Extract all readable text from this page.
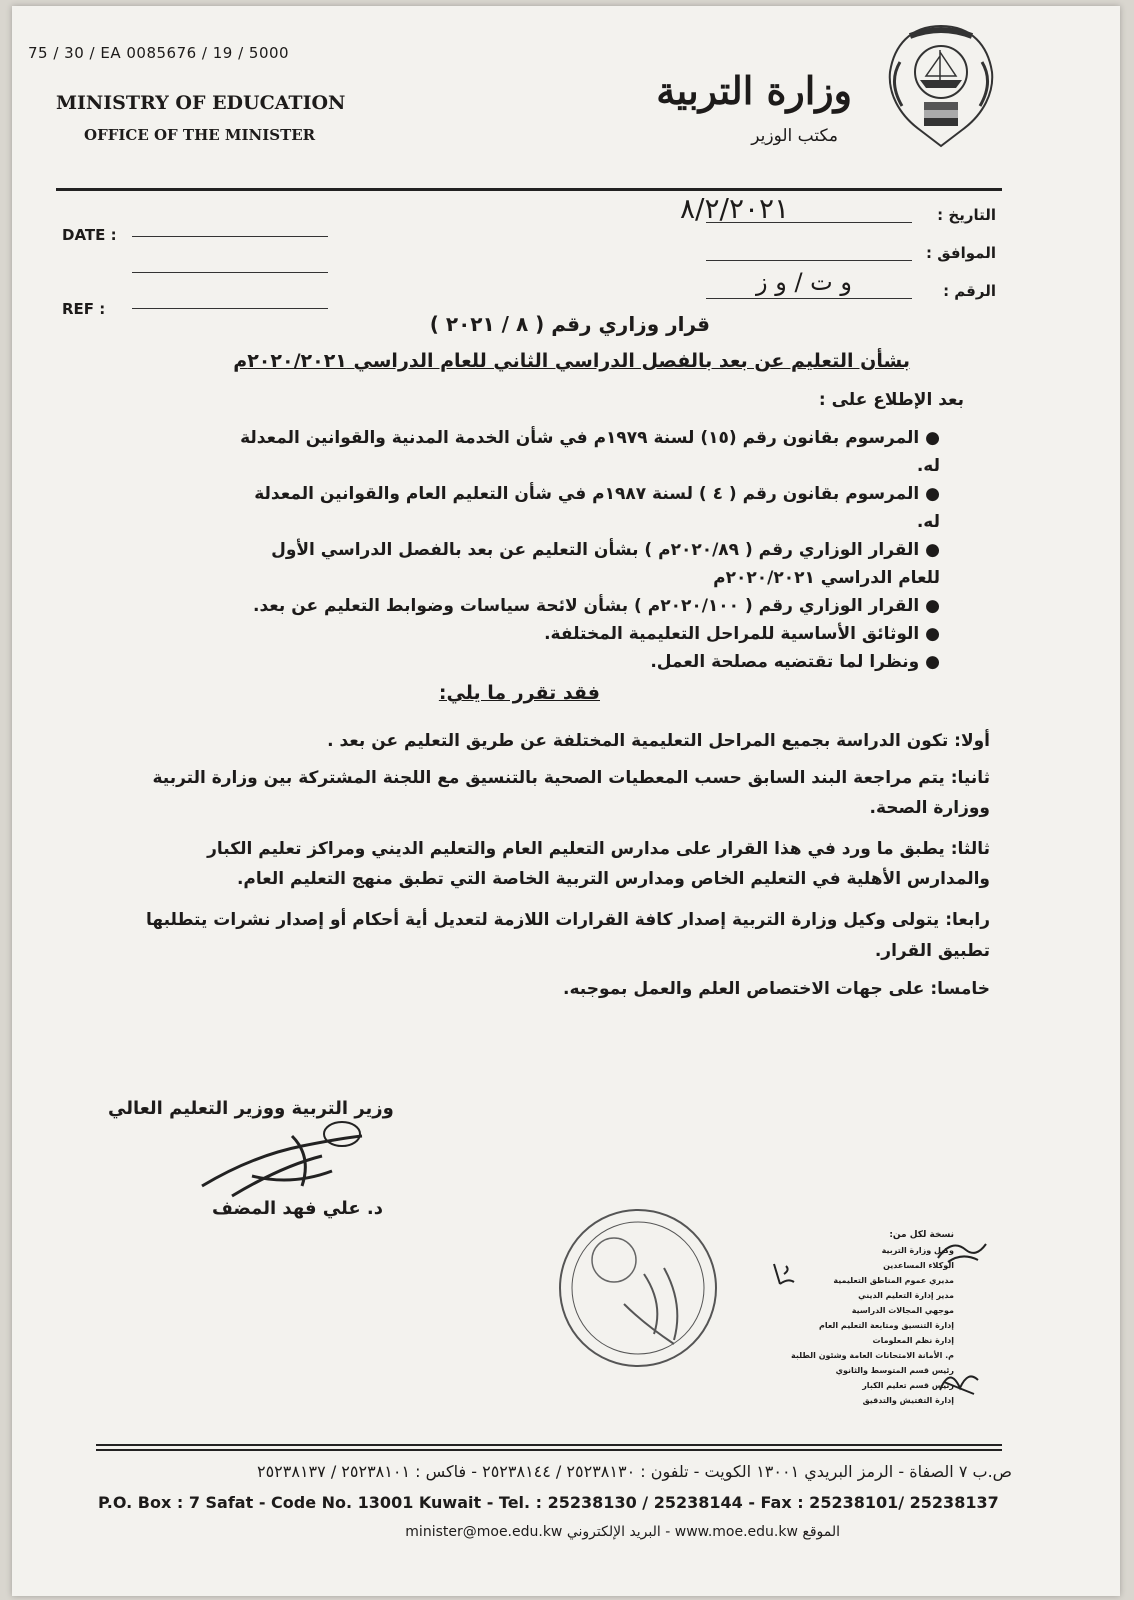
75 / 30 / EA 0085676 / 19 / 5000
MINISTRY OF EDUCATION
OFFICE OF THE MINISTER
وزارة التربية
مكتب الوزير
DATE :
REF :
التاريخ :
٨/٢/٢٠٢١
الموافق :
الرقم :
و ت / و ز
قرار وزاري رقم ( ٨ / ٢٠٢١ )
بشأن التعليم عن بعد بالفصل الدراسي الثاني للعام الدراسي ٢٠٢٠/٢٠٢١م
بعد الإطلاع على :
● المرسوم بقانون رقم (١٥) لسنة ١٩٧٩م في شأن الخدمة المدنية والقوانين المعدلة له.
● المرسوم بقانون رقم ( ٤ ) لسنة ١٩٨٧م في شأن التعليم العام والقوانين المعدلة له.
● القرار الوزاري رقم ( ٢٠٢٠/٨٩م ) بشأن التعليم عن بعد بالفصل الدراسي الأول للعام الدراسي ٢٠٢٠/٢٠٢١م
● القرار الوزاري رقم ( ٢٠٢٠/١٠٠م ) بشأن لائحة سياسات وضوابط التعليم عن بعد.
● الوثائق الأساسية للمراحل التعليمية المختلفة.
● ونظرا لما تقتضيه مصلحة العمل.
فقد تقرر ما يلي:
أولا: تكون الدراسة بجميع المراحل التعليمية المختلفة عن طريق التعليم عن بعد .
ثانيا: يتم مراجعة البند السابق حسب المعطيات الصحية بالتنسيق مع اللجنة المشتركة بين وزارة التربية ووزارة الصحة.
ثالثا: يطبق ما ورد في هذا القرار على مدارس التعليم العام والتعليم الديني ومراكز تعليم الكبار والمدارس الأهلية في التعليم الخاص ومدارس التربية الخاصة التي تطبق منهج التعليم العام.
رابعا: يتولى وكيل وزارة التربية إصدار كافة القرارات اللازمة لتعديل أية أحكام أو إصدار نشرات يتطلبها تطبيق القرار.
خامسا: على جهات الاختصاص العلم والعمل بموجبه.
وزير التربية ووزير التعليم العالي
د. علي فهد المضف
نسخة لكل من:
وكيل وزارة التربية
الوكلاء المساعدين
مديري عموم المناطق التعليمية
مدير إدارة التعليم الديني
موجهي المجالات الدراسية
إدارة التنسيق ومتابعة التعليم العام
إدارة نظم المعلومات
م. الأمانة الامتحانات العامة وشئون الطلبة
رئيس قسم المتوسط والثانوي
رئيس قسم تعليم الكبار
إدارة التفتيش والتدقيق
ص.ب ٧ الصفاة - الرمز البريدي ١٣٠٠١ الكويت - تلفون : ٢٥٢٣٨١٣٠ / ٢٥٢٣٨١٤٤ - فاكس : ٢٥٢٣٨١٠١ / ٢٥٢٣٨١٣٧
P.O. Box : 7 Safat - Code No. 13001 Kuwait - Tel. : 25238130 / 25238144 - Fax : 25238101/ 25238137
الموقع www.moe.edu.kw - البريد الإلكتروني minister@moe.edu.kw
